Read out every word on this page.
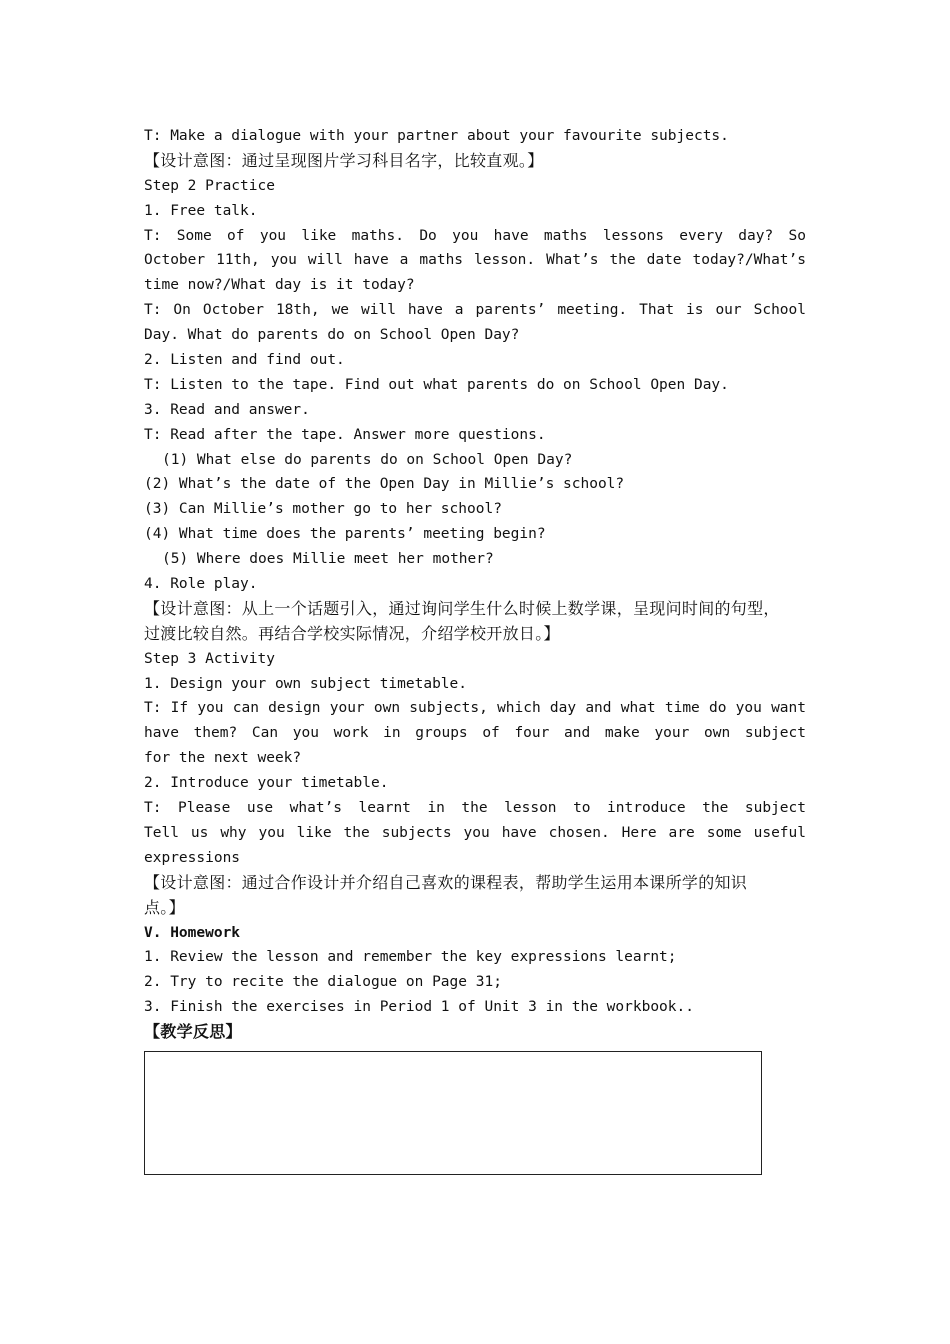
T: Make a dialogue with your partner about your favourite subjects.
【设计意图：通过呈现图片学习科目名字，比较直观。】
Step 2 Practice
1. Free talk.
T: Some of you like maths. Do you have maths lessons every day? So
October 11th, you will have a maths lesson. What’s the date today?/What’s
time now?/What day is it today?
T: On October 18th, we will have a parents’ meeting. That is our School
Day. What do parents do on School Open Day?
2. Listen and find out.
T: Listen to the tape. Find out what parents do on School Open Day.
3. Read and answer.
T: Read after the tape. Answer more questions.
(1) What else do parents do on School Open Day?
(2) What’s the date of the Open Day in Millie’s school?
(3) Can Millie’s mother go to her school?
(4) What time does the parents’ meeting begin?
(5) Where does Millie meet her mother?
4. Role play.
【设计意图：从上一个话题引入，通过询问学生什么时候上数学课，呈现问时间的句型，
过渡比较自然。再结合学校实际情况，介绍学校开放日。】
Step 3 Activity
1. Design your own subject timetable.
T: If you can design your own subjects, which day and what time do you want
have them? Can you work in groups of four and make your own subject
for the next week?
2. Introduce your timetable.
T: Please use what’s learnt in the lesson to introduce the subject
Tell us why you like the subjects you have chosen. Here are some useful
expressions
【设计意图：通过合作设计并介绍自己喜欢的课程表，帮助学生运用本课所学的知识
点。】
V. Homework
1. Review the lesson and remember the key expressions learnt;
2. Try to recite the dialogue on Page 31;
3. Finish the exercises in Period 1 of Unit 3 in the workbook..
【教学反思】
